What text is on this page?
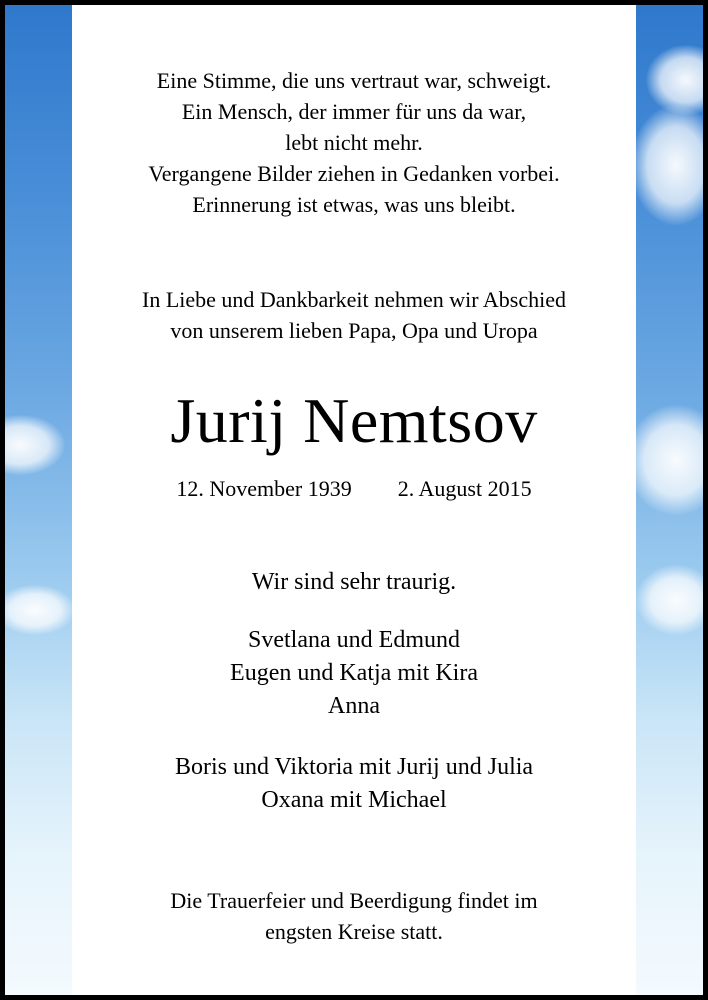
Eine Stimme, die uns vertraut war, schweigt.
Ein Mensch, der immer für uns da war,
lebt nicht mehr.
Vergangene Bilder ziehen in Gedanken vorbei.
Erinnerung ist etwas, was uns bleibt.
In Liebe und Dankbarkeit nehmen wir Abschied
von unserem lieben Papa, Opa und Uropa
Jurij Nemtsov
12. November 1939 2. August 2015
Wir sind sehr traurig.
Svetlana und Edmund
Eugen und Katja mit Kira
Anna
Boris und Viktoria mit Jurij und Julia
Oxana mit Michael
Die Trauerfeier und Beerdigung findet im
engsten Kreise statt.
